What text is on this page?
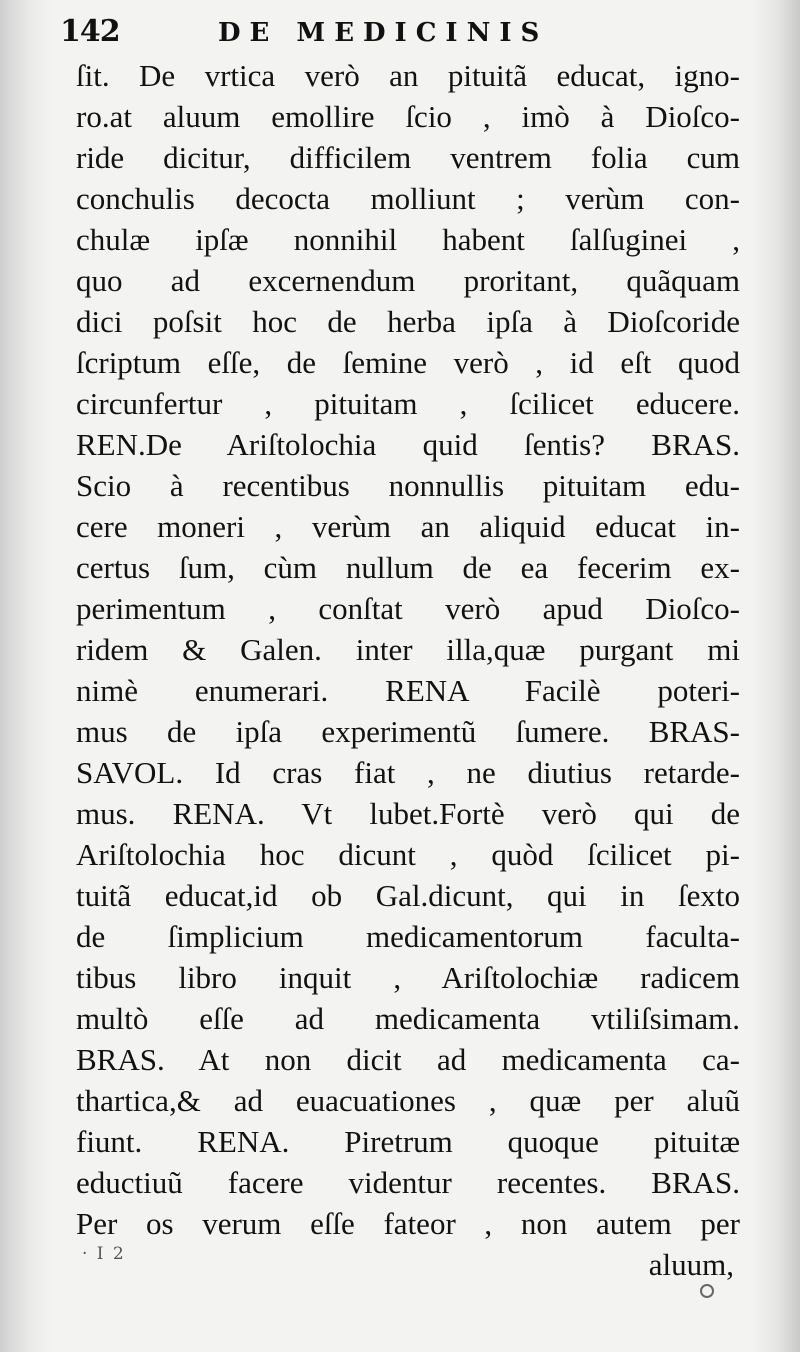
142	DE MEDICINIS
ſit. De vrtica verò an pituitã educat, igno-
ro.at aluum emollire ſcio , imò à Dioſco-
ride dicitur, difficilem ventrem folia cum
conchulis decocta molliunt ; verùm con-
chulæ ipſæ nonnihil habent ſalſuginei ,
quo ad excernendum proritant, quãquam
dici poſsit hoc de herba ipſa à Dioſcoride
ſcriptum eſſe, de ſemine verò , id eſt quod
circunfertur , pituitam , ſcilicet educere.
REN.De Ariſtolochia quid ſentis? BRAS.
Scio à recentibus nonnullis pituitam edu-
cere moneri , verùm an aliquid educat in-
certus ſum, cùm nullum de ea fecerim ex-
perimentum , conſtat verò apud Dioſco-
ridem & Galen. inter illa,quæ purgant mi
nimè enumerari. RENA Facilè poteri-
mus de ipſa experimentũ ſumere. BRAS-
SAVOL. Id cras fiat , ne diutius retarde-
mus. RENA. Vt lubet.Fortè verò qui de
Ariſtolochia hoc dicunt , quòd ſcilicet pi-
tuitã educat,id ob Gal.dicunt, qui in ſexto
de ſimplicium medicamentorum faculta-
tibus libro inquit , Ariſtolochiæ radicem
multò eſſe ad medicamenta vtiliſsimam.
BRAS. At non dicit ad medicamenta ca-
thartica,& ad euacuationes , quæ per aluũ
fiunt. RENA. Piretrum quoque pituitæ
eductiuũ facere videntur recentes. BRAS.
Per os verum eſſe fateor , non autem per
aluum,
· I 2
